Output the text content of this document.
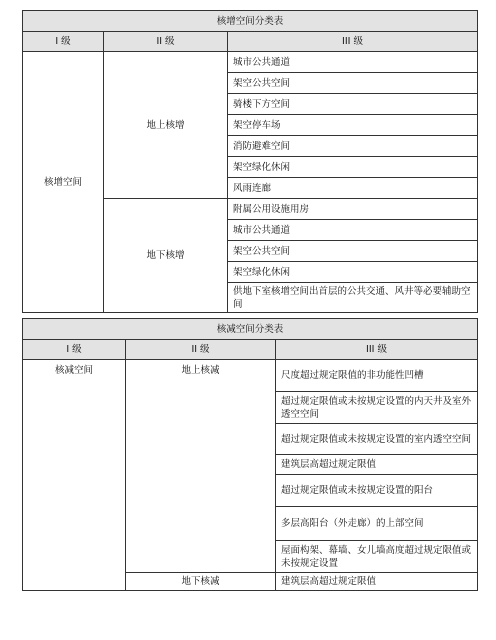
核增空间分类表		
I 级	II 级	III 级
核增空间	地上核增	城市公共通道
		架空公共空间
		骑楼下方空间
		架空停车场
		消防避难空间
		架空绿化休闲
		风雨连廊
	地下核增	附属公用设施用房
		城市公共通道
		架空公共空间
		架空绿化休闲
		供地下室核增空间出首层的公共交通、风井等必要辅助空间
核减空间分类表		
I 级	II 级	III 级
核减空间	地上核减	尺度超过规定限值的非功能性凹槽
		超过规定限值或未按规定设置的内天井及室外透空空间
		超过规定限值或未按规定设置的室内透空空间
		建筑层高超过规定限值
		超过规定限值或未按规定设置的阳台
		多层高阳台（外走廊）的上部空间
		屋面构架、幕墙、女儿墙高度超过规定限值或未按规定设置
	地下核减	建筑层高超过规定限值
